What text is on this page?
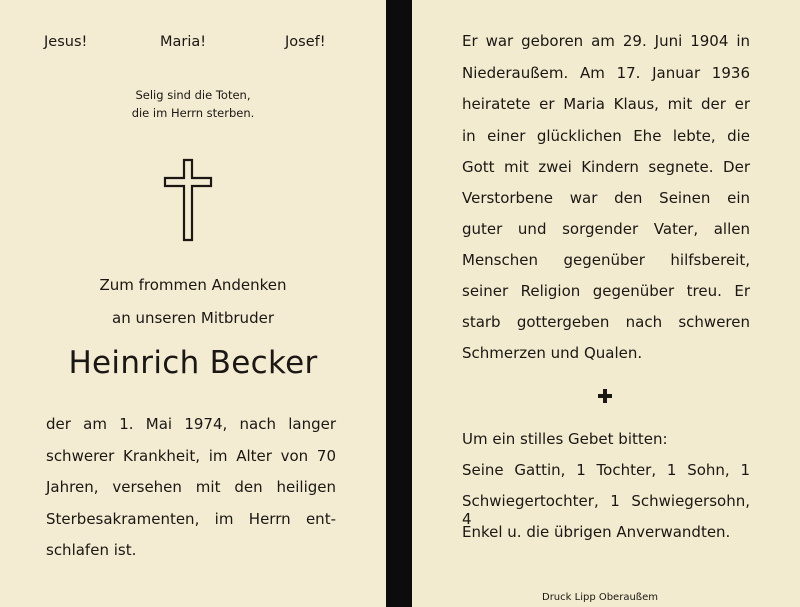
Jesus!	Maria!	Josef!
Selig sind die Toten,
die im Herrn sterben.
Zum frommen Andenken
an unseren Mitbruder
Heinrich Becker
der am 1. Mai 1974, nach langer
schwerer Krankheit, im Alter von 70
Jahren, versehen mit den heiligen
Sterbesakramenten, im Herrn ent-
schlafen ist.
Er war geboren am 29. Juni 1904 in
Niederaußem. Am 17. Januar 1936
heiratete er Maria Klaus, mit der er
in einer glücklichen Ehe lebte, die
Gott mit zwei Kindern segnete. Der
Verstorbene war den Seinen ein
guter und sorgender Vater, allen
Menschen gegenüber hilfsbereit,
seiner Religion gegenüber treu. Er
starb gottergeben nach schweren
Schmerzen und Qualen.
Um ein stilles Gebet bitten:
Seine Gattin, 1 Tochter, 1 Sohn, 1
Schwiegertochter, 1 Schwiegersohn, 4
Enkel u. die übrigen Anverwandten.
Druck Lipp Oberaußem
